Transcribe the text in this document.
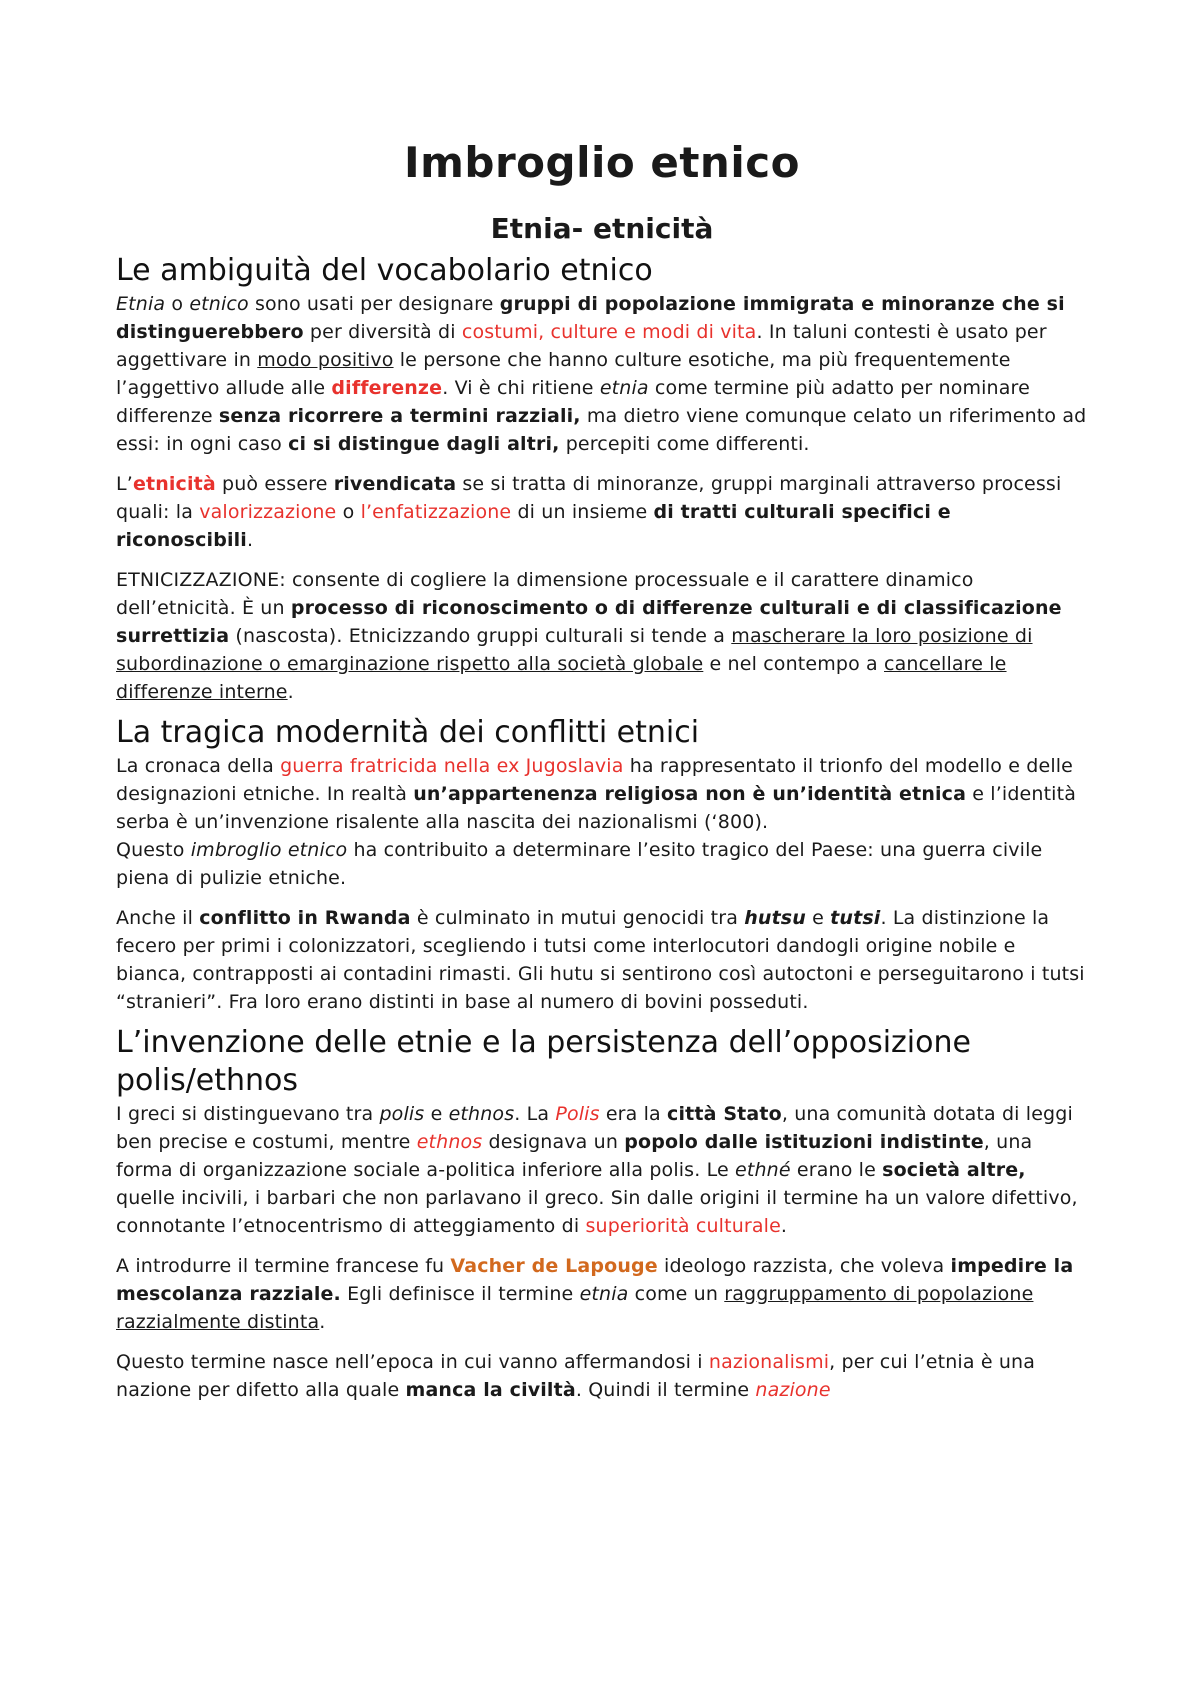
Imbroglio etnico
Etnia- etnicità
Le ambiguità del vocabolario etnico

Etnia o etnico sono usati per designare gruppi di popolazione immigrata e minoranze che si distinguerebbero per diversità di costumi, culture e modi di vita. In taluni contesti è usato per aggettivare in modo positivo le persone che hanno culture esotiche, ma più frequentemente l’aggettivo allude alle differenze. Vi è chi ritiene etnia come termine più adatto per nominare differenze senza ricorrere a termini razziali, ma dietro viene comunque celato un riferimento ad essi: in ogni caso ci si distingue dagli altri, percepiti come differenti.

L’etnicità può essere rivendicata se si tratta di minoranze, gruppi marginali attraverso processi quali: la valorizzazione o l’enfatizzazione di un insieme di tratti culturali specifici e riconoscibili.

ETNICIZZAZIONE: consente di cogliere la dimensione processuale e il carattere dinamico dell’etnicità. È un processo di riconoscimento o di differenze culturali e di classificazione surrettizia (nascosta). Etnicizzando gruppi culturali si tende a mascherare la loro posizione di subordinazione o emarginazione rispetto alla società globale e nel contempo a cancellare le differenze interne.

La tragica modernità dei conflitti etnici

La cronaca della guerra fratricida nella ex Jugoslavia ha rappresentato il trionfo del modello e delle designazioni etniche. In realtà un’appartenenza religiosa non è un’identità etnica e l’identità serba è un’invenzione risalente alla nascita dei nazionalismi (‘800).

Questo imbroglio etnico ha contribuito a determinare l’esito tragico del Paese: una guerra civile piena di pulizie etniche.

Anche il conflitto in Rwanda è culminato in mutui genocidi tra hutsu e tutsi. La distinzione la fecero per primi i colonizzatori, scegliendo i tutsi come interlocutori dandogli origine nobile e bianca, contrapposti ai contadini rimasti. Gli hutu si sentirono così autoctoni e perseguitarono i tutsi “stranieri”. Fra loro erano distinti in base al numero di bovini posseduti.

L’invenzione delle etnie e la persistenza dell’opposizione polis/ethnos

I greci si distinguevano tra polis e ethnos. La Polis era la città Stato, una comunità dotata di leggi ben precise e costumi, mentre ethnos designava un popolo dalle istituzioni indistinte, una forma di organizzazione sociale a-politica inferiore alla polis. Le ethné erano le società altre, quelle incivili, i barbari che non parlavano il greco. Sin dalle origini il termine ha un valore difettivo, connotante l’etnocentrismo di atteggiamento di superiorità culturale.

A introdurre il termine francese fu Vacher de Lapouge ideologo razzista, che voleva impedire la mescolanza razziale. Egli definisce il termine etnia come un raggruppamento di popolazione razzialmente distinta.

Questo termine nasce nell’epoca in cui vanno affermandosi i nazionalismi, per cui l’etnia è una nazione per difetto alla quale manca la civiltà. Quindi il termine nazione
